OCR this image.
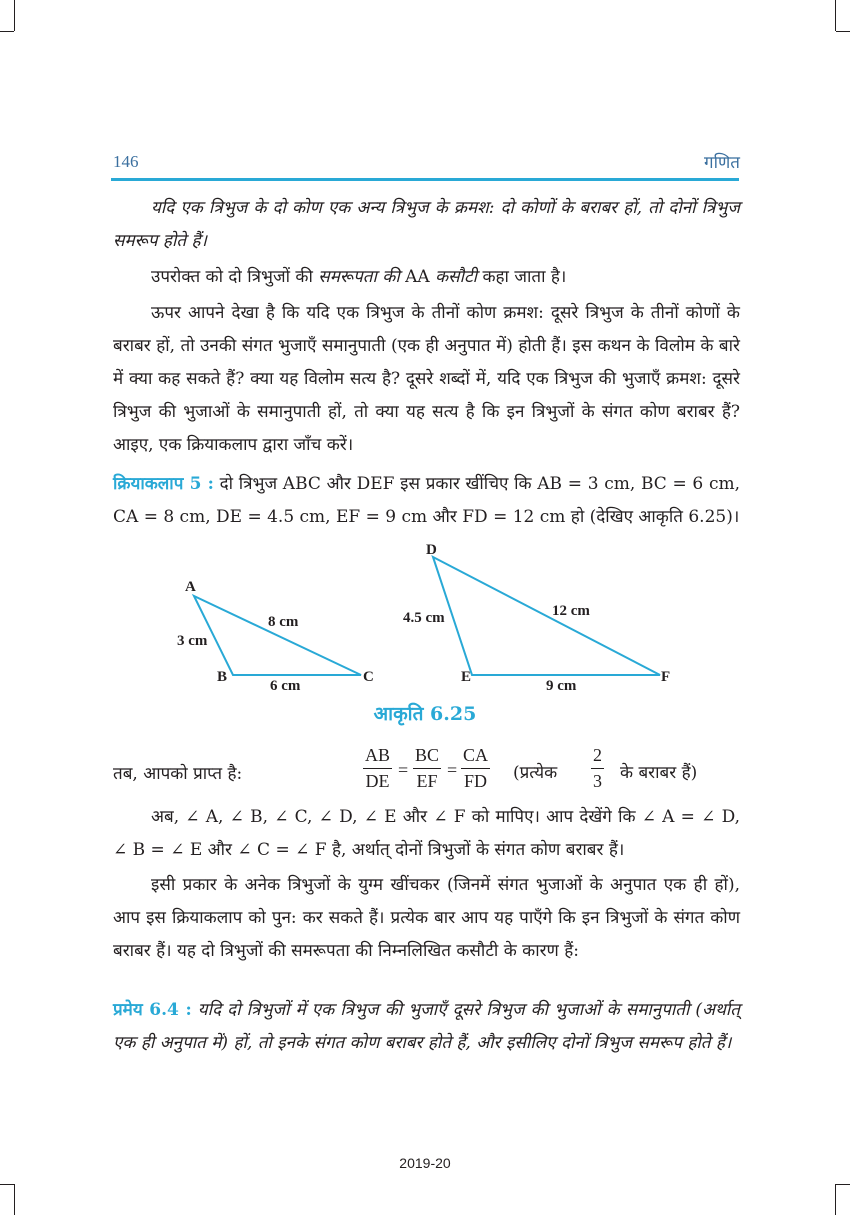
146	गणित
यदि एक त्रिभुज के दो कोण एक अन्य त्रिभुज के क्रमश: दो कोणों के बराबर हों, तो दोनों त्रिभुज समरूप होते हैं।
उपरोक्त को दो त्रिभुजों की समरूपता की AA कसौटी कहा जाता है।
ऊपर आपने देखा है कि यदि एक त्रिभुज के तीनों कोण क्रमश: दूसरे त्रिभुज के तीनों कोणों के बराबर हों, तो उनकी संगत भुजाएँ समानुपाती (एक ही अनुपात में) होती हैं। इस कथन के विलोम के बारे में क्या कह सकते हैं? क्या यह विलोम सत्य है? दूसरे शब्दों में, यदि एक त्रिभुज की भुजाएँ क्रमश: दूसरे त्रिभुज की भुजाओं के समानुपाती हों, तो क्या यह सत्य है कि इन त्रिभुजों के संगत कोण बराबर हैं? आइए, एक क्रियाकलाप द्वारा जाँच करें।
क्रियाकलाप 5 : दो त्रिभुज ABC और DEF इस प्रकार खींचिए कि AB = 3 cm, BC = 6 cm, CA = 8 cm, DE = 4.5 cm, EF = 9 cm और FD = 12 cm हो (देखिए आकृति 6.25)।
A
B	C
3 cm
6 cm
8 cm
D
E	F
4.5 cm
9 cm
12 cm
आकृति 6.25
तब, आपको प्राप्त है:
AB
DE
=
BC
EF
=
CA
FD (प्रत्येक
2
3 के बराबर हैं)
अब, ∠ A, ∠ B, ∠ C, ∠ D, ∠ E और ∠ F को मापिए। आप देखेंगे कि ∠ A = ∠ D, ∠ B = ∠ E और ∠ C = ∠ F है, अर्थात् दोनों त्रिभुजों के संगत कोण बराबर हैं।
इसी प्रकार के अनेक त्रिभुजों के युग्म खींचकर (जिनमें संगत भुजाओं के अनुपात एक ही हों), आप इस क्रियाकलाप को पुन: कर सकते हैं। प्रत्येक बार आप यह पाएँगे कि इन त्रिभुजों के संगत कोण बराबर हैं। यह दो त्रिभुजों की समरूपता की निम्नलिखित कसौटी के कारण हैं:
प्रमेय 6.4 : यदि दो त्रिभुजों में एक त्रिभुज की भुजाएँ दूसरे त्रिभुज की भुजाओं के समानुपाती (अर्थात् एक ही अनुपात में) हों, तो इनके संगत कोण बराबर होते हैं, और इसीलिए दोनों त्रिभुज समरूप होते हैं।
2019-20
